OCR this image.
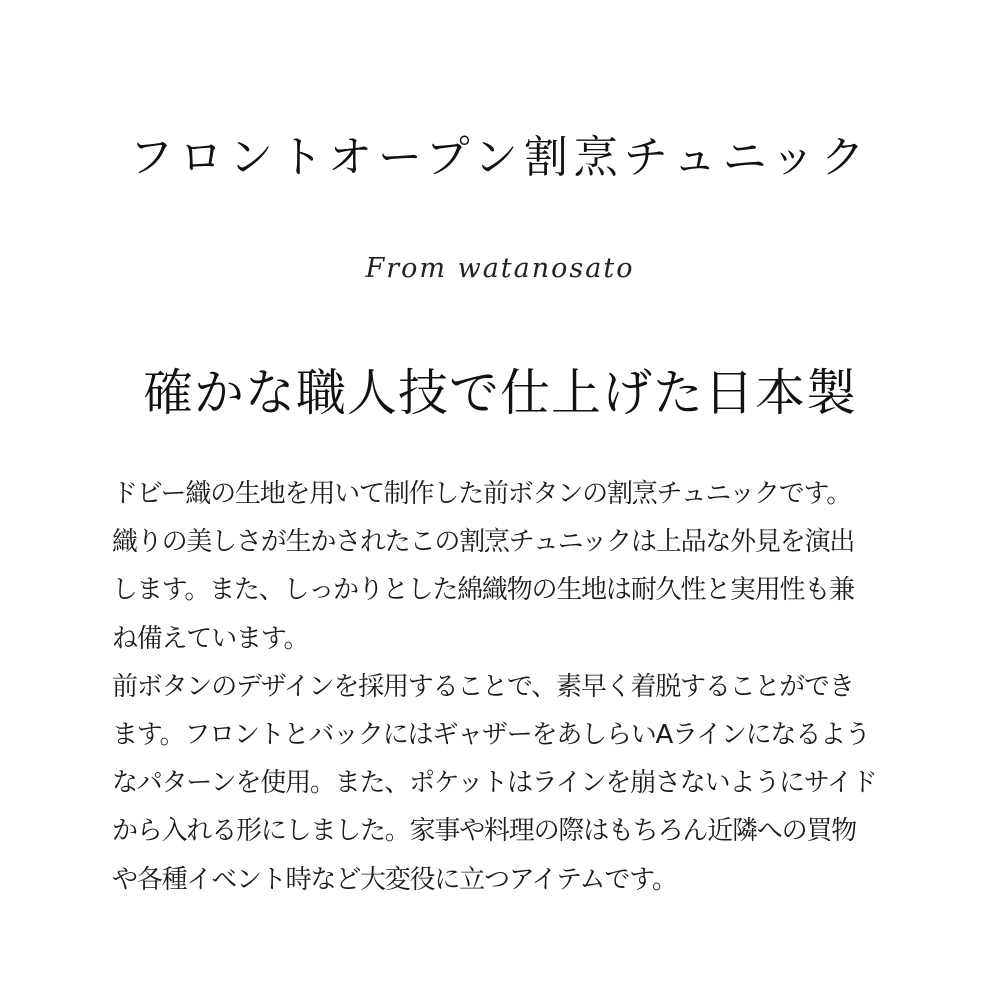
フロントオープン割烹チュニック
From watanosato
確かな職人技で仕上げた日本製
ドビー織の生地を用いて制作した前ボタンの割烹チュニックです。
織りの美しさが生かされたこの割烹チュニックは上品な外見を演出
します。また、しっかりとした綿織物の生地は耐久性と実用性も兼
ね備えています。
前ボタンのデザインを採用することで、素早く着脱することができ
ます。フロントとバックにはギャザーをあしらいAラインになるよう
なパターンを使用。また、ポケットはラインを崩さないようにサイド
から入れる形にしました。家事や料理の際はもちろん近隣への買物
や各種イベント時など大変役に立つアイテムです。
